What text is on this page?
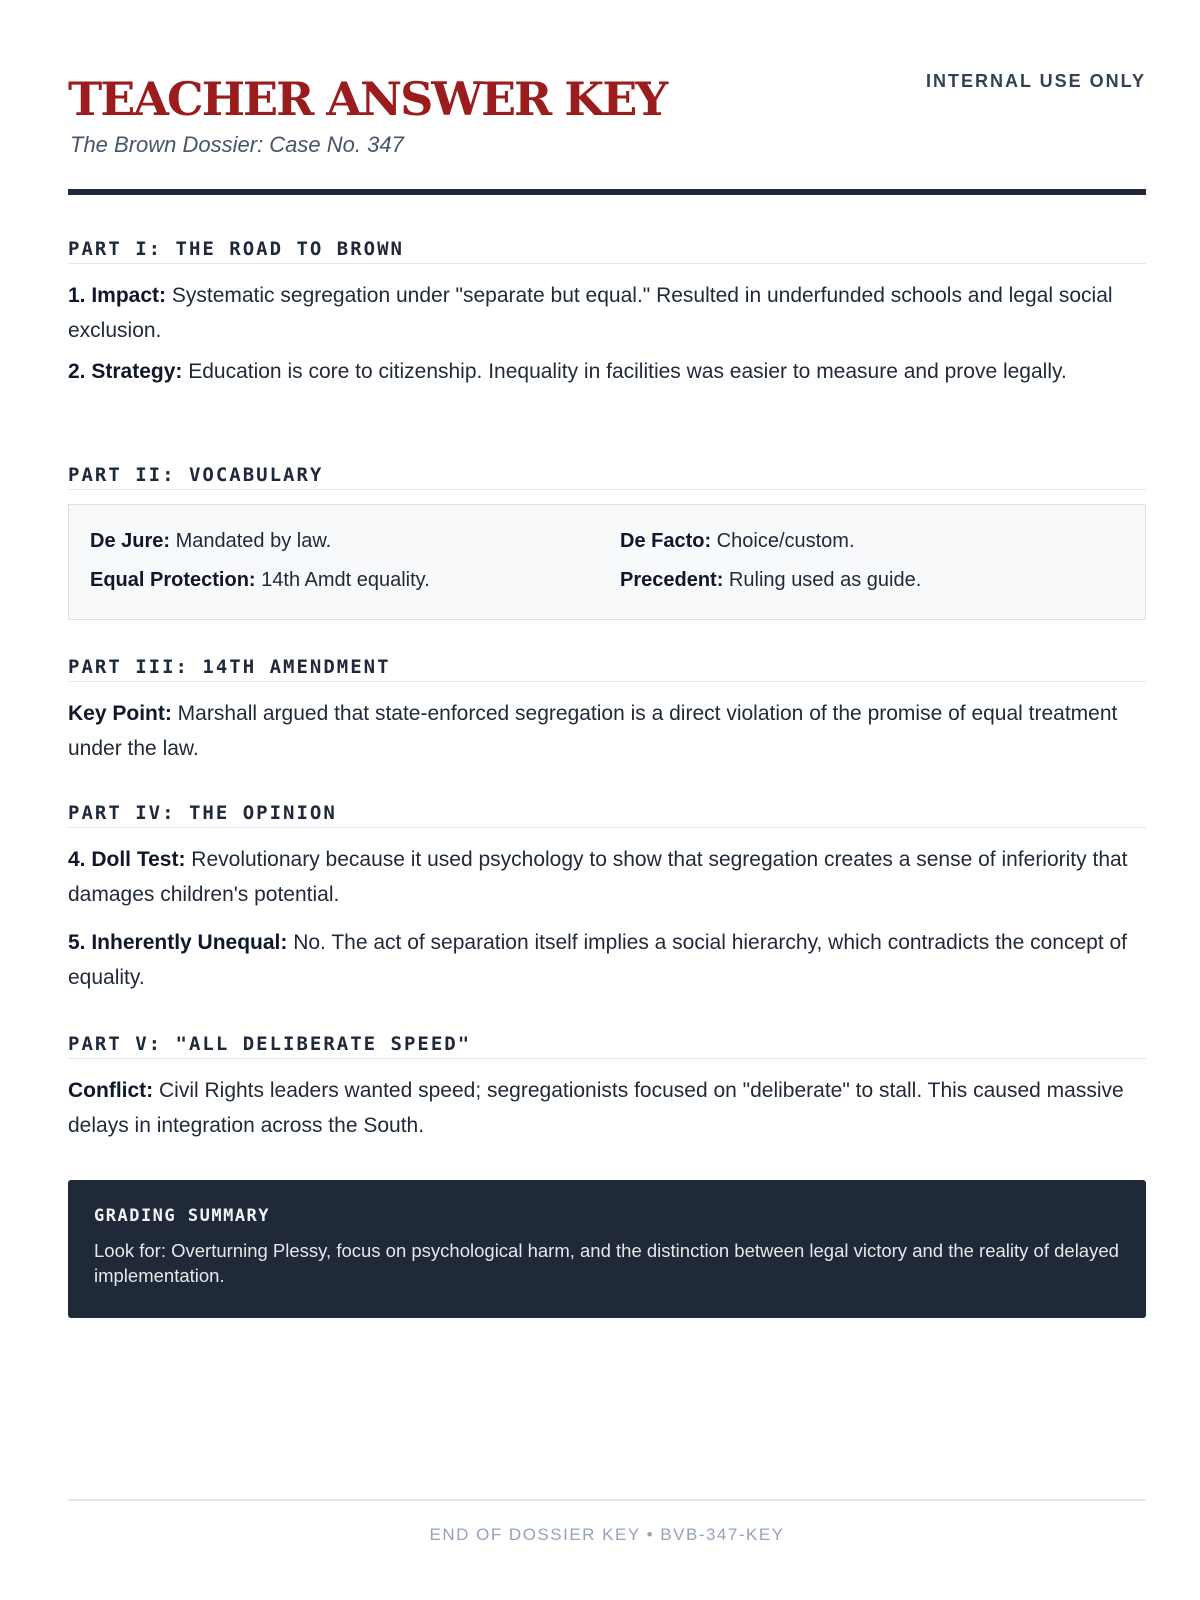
TEACHER ANSWER KEY
The Brown Dossier: Case No. 347
INTERNAL USE ONLY
PART I: THE ROAD TO BROWN
1. Impact: Systematic segregation under "separate but equal." Resulted in underfunded schools and legal social exclusion.
2. Strategy: Education is core to citizenship. Inequality in facilities was easier to measure and prove legally.
PART II: VOCABULARY
De Jure: Mandated by law.	De Facto: Choice/custom.
Equal Protection: 14th Amdt equality.	Precedent: Ruling used as guide.
PART III: 14TH AMENDMENT
Key Point: Marshall argued that state-enforced segregation is a direct violation of the promise of equal treatment under the law.
PART IV: THE OPINION
4. Doll Test: Revolutionary because it used psychology to show that segregation creates a sense of inferiority that damages children's potential.
5. Inherently Unequal: No. The act of separation itself implies a social hierarchy, which contradicts the concept of equality.
PART V: "ALL DELIBERATE SPEED"
Conflict: Civil Rights leaders wanted speed; segregationists focused on "deliberate" to stall. This caused massive delays in integration across the South.
GRADING SUMMARY
Look for: Overturning Plessy, focus on psychological harm, and the distinction between legal victory and the reality of delayed implementation.
END OF DOSSIER KEY • BVB-347-KEY
